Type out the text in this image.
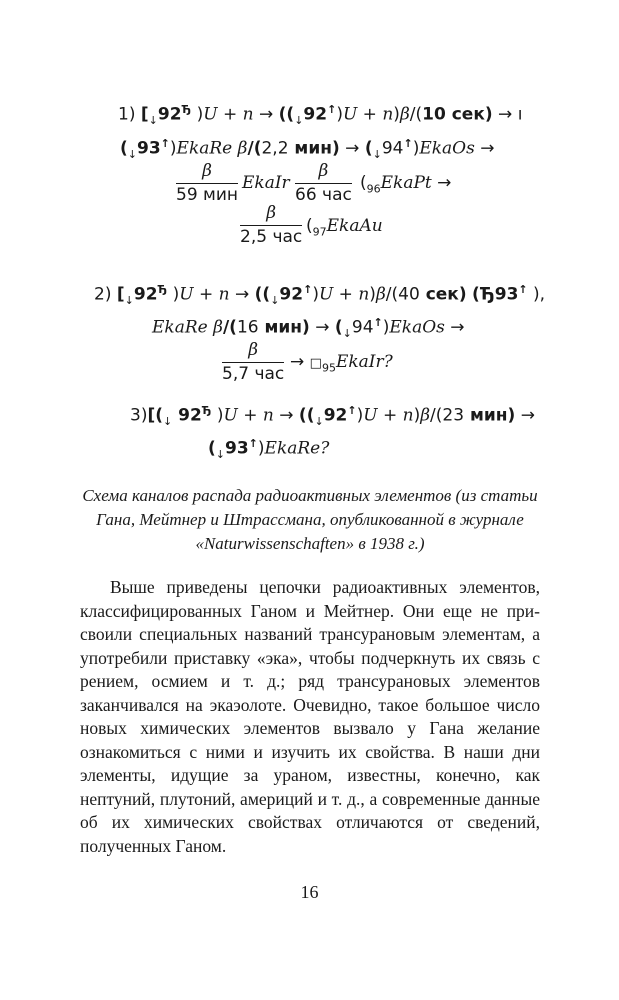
1) [$_↓92^Ђ$ )$U + n \to ((_↓92^↑)U + n)\beta/(10$ сек) → ı
$(_↓93^↑)EkaRe$ β/(2,2 $мин) \to (_↓94^↑)EkaOs$ →
β
59 мин
EkaIr
β
66 час
($_{96}EkaPt$ →
β
2,5 час
($_{97}EkaAu$
2) [$_↓92^Ђ$ )$U + n \to ((_↓92^↑)U + n)\beta/(40$ сек) (Ђ93↑ ),
EkaRe β/(16 $мин) \to (_↓94^↑)EkaOs$ →
β
5,7 час
→ $□_{95}EkaIr$?
$3)[(_↓$ $92^Ђ$ )$U + n \to ((_↓92^↑)U + n)\beta/(23$ мин) →
$(_↓93^↑)EkaRe$?
Схема каналов распада радиоактивных элементов (из статьи Гана, Мейтнер и Штрассмана, опубликованной в журнале «Naturwissenschaften» в 1938 г.)
Выше приведены цепочки радиоактивных элементов, классифицированных Ганом и Мейтнер. Они еще не присвоили специальных названий трансурановым элементам, а употребили приставку «эка», чтобы подчеркнуть их связь с рением, осмием и т. д.; ряд трансурановых элементов заканчивался на экаэолоте. Очевидно, такое большое число новых химических элементов вызвало у Гана желание ознакомиться с ними и изучить их свойства. В наши дни элементы, идущие за ураном, известны, конечно, как нептуний, плутоний, америций и т. д., а современные данные об их химических свойствах отличаются от сведений, полученных Ганом.
16
